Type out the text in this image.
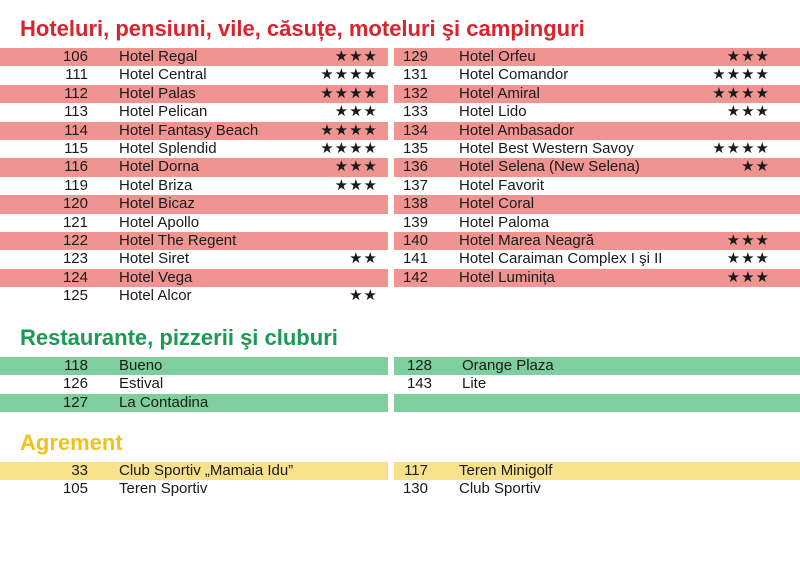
Hoteluri, pensiuni, vile, căsuțe, moteluri şi campinguri
106 Hotel Regal	★★★
111 Hotel Central	★★★★
112 Hotel Palas	★★★★
113 Hotel Pelican	★★★
114 Hotel Fantasy Beach	★★★★
115 Hotel Splendid	★★★★
116 Hotel Dorna	★★★
119 Hotel Briza	★★★
120 Hotel Bicaz
121 Hotel Apollo
122 Hotel The Regent
123 Hotel Siret	★★
124 Hotel Vega
125 Hotel Alcor	★★
129 Hotel Orfeu	★★★
131 Hotel Comandor	★★★★
132 Hotel Amiral	★★★★
133 Hotel Lido	★★★
134 Hotel Ambasador
135 Hotel Best Western Savoy	★★★★
136 Hotel Selena (New Selena)	★★
137 Hotel Favorit
138 Hotel Coral
139 Hotel Paloma
140 Hotel Marea Neagră	★★★
141 Hotel Caraiman Complex I şi II	★★★
142 Hotel Luminița	★★★
Restaurante, pizzerii şi cluburi
118 Bueno
126 Estival
127 La Contadina
128 Orange Plaza
143 Lite
Agrement
33 Club Sportiv „Mamaia Idu”
105 Teren Sportiv
117 Teren Minigolf
130 Club Sportiv
